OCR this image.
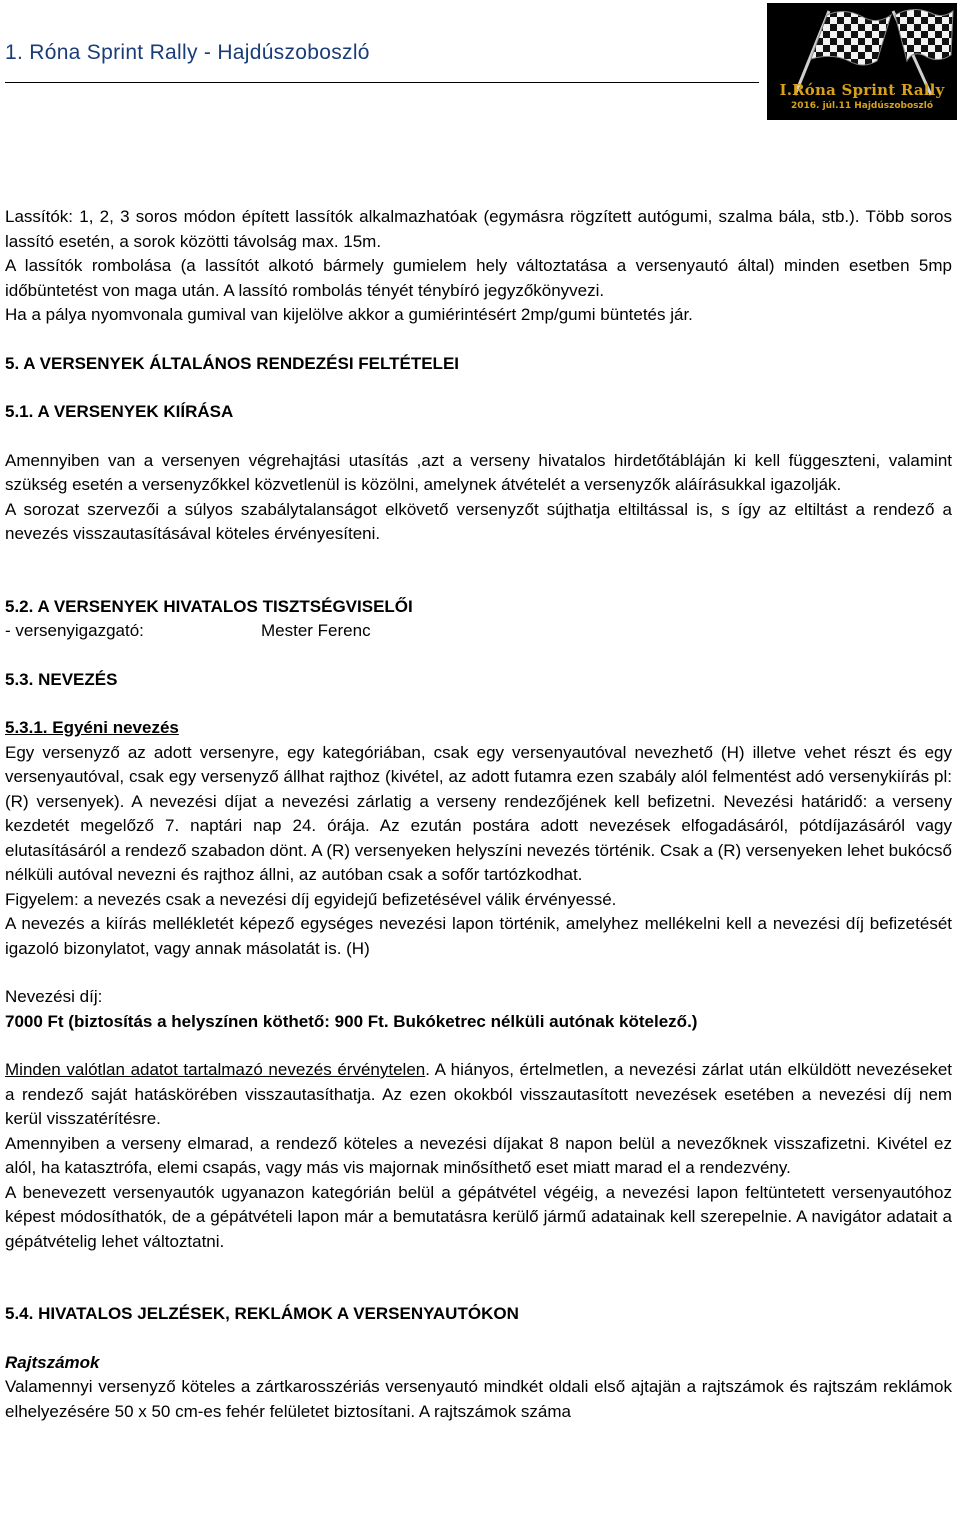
1. Róna Sprint Rally - Hajdúszoboszló
I.Róna Sprint Rally
2016. júl.11 Hajdúszoboszló

Lassítók: 1, 2, 3 soros módon épített lassítók alkalmazhatóak (egymásra rögzített autógumi, szalma bála, stb.). Több soros lassító esetén, a sorok közötti távolság max. 15m.

A lassítók rombolása (a lassítót alkotó bármely gumielem hely változtatása a versenyautó által) minden esetben 5mp időbüntetést von maga után. A lassító rombolás tényét ténybíró jegyzőkönyvezi.

Ha a pálya nyomvonala gumival van kijelölve akkor a gumiérintésért 2mp/gumi büntetés jár.

5. A VERSENYEK ÁLTALÁNOS RENDEZÉSI FELTÉTELEI

5.1. A VERSENYEK KIÍRÁSA

Amennyiben van a versenyen végrehajtási utasítás ,azt a verseny hivatalos hirdetőtábláján ki kell függeszteni, valamint szükség esetén a versenyzőkkel közvetlenül is közölni, amelynek átvételét a versenyzők aláírásukkal igazolják.

A sorozat szervezői a súlyos szabálytalanságot elkövető versenyzőt sújthatja eltiltással is, s így az eltiltást a rendező a nevezés visszautasításával köteles érvényesíteni.

5.2. A VERSENYEK HIVATALOS TISZTSÉGVISELŐI

- versenyigazgató:	Mester Ferenc

5.3. NEVEZÉS

5.3.1. Egyéni nevezés

Egy versenyző az adott versenyre, egy kategóriában, csak egy versenyautóval nevezhető (H) illetve vehet részt és egy versenyautóval, csak egy versenyző állhat rajthoz (kivétel, az adott futamra ezen szabály alól felmentést adó versenykiírás pl:(R) versenyek). A nevezési díjat a nevezési zárlatig a verseny rendezőjének kell befizetni. Nevezési határidő: a verseny kezdetét megelőző 7. naptári nap 24. órája. Az ezután postára adott nevezések elfogadásáról, pótdíjazásáról vagy elutasításáról a rendező szabadon dönt. A (R) versenyeken helyszíni nevezés történik. Csak a (R) versenyeken lehet bukócső nélküli autóval nevezni és rajthoz állni, az autóban csak a sofőr tartózkodhat.

Figyelem: a nevezés csak a nevezési díj egyidejű befizetésével válik érvényessé.

A nevezés a kiírás mellékletét képező egységes nevezési lapon történik, amelyhez mellékelni kell a nevezési díj befizetését igazoló bizonylatot, vagy annak másolatát is. (H)

Nevezési díj:

7000 Ft (biztosítás a helyszínen köthető: 900 Ft. Bukóketrec nélküli autónak kötelező.)

Minden valótlan adatot tartalmazó nevezés érvénytelen. A hiányos, értelmetlen, a nevezési zárlat után elküldött nevezéseket a rendező saját hatáskörében visszautasíthatja. Az ezen okokból visszautasított nevezések esetében a nevezési díj nem kerül visszatérítésre.

Amennyiben a verseny elmarad, a rendező köteles a nevezési díjakat 8 napon belül a nevezőknek visszafizetni. Kivétel ez alól, ha katasztrófa, elemi csapás, vagy más vis majornak minősíthető eset miatt marad el a rendezvény.

A benevezett versenyautók ugyanazon kategórián belül a gépátvétel végéig, a nevezési lapon feltüntetett versenyautóhoz képest módosíthatók, de a gépátvételi lapon már a bemutatásra kerülő jármű adatainak kell szerepelnie. A navigátor adatait a gépátvételig lehet változtatni.

5.4. HIVATALOS JELZÉSEK, REKLÁMOK A VERSENYAUTÓKON

Rajtszámok

Valamennyi versenyző köteles a zártkarosszériás versenyautó mindkét oldali első ajtajän a rajtszámok és rajtszám reklámok elhelyezésére 50 x 50 cm-es fehér felületet biztosítani. A rajtszámok száma
